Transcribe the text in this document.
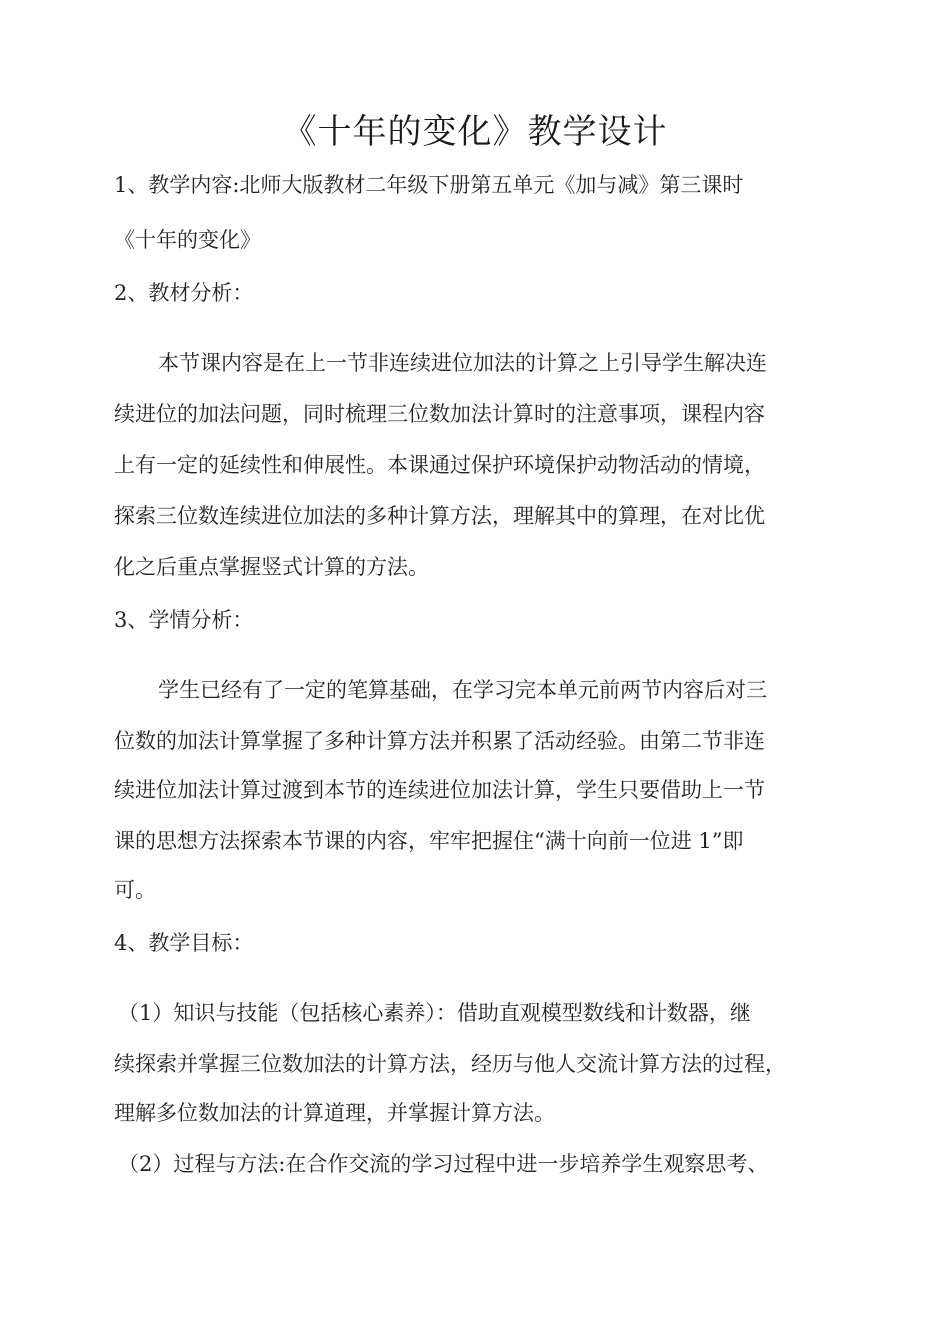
《十年的变化》教学设计
1、教学内容:北师大版教材二年级下册第五单元《加与减》第三课时
《十年的变化》
2、教材分析：
本节课内容是在上一节非连续进位加法的计算之上引导学生解决连
续进位的加法问题，同时梳理三位数加法计算时的注意事项，课程内容
上有一定的延续性和伸展性。本课通过保护环境保护动物活动的情境，
探索三位数连续进位加法的多种计算方法，理解其中的算理，在对比优
化之后重点掌握竖式计算的方法。
3、学情分析：
学生已经有了一定的笔算基础，在学习完本单元前两节内容后对三
位数的加法计算掌握了多种计算方法并积累了活动经验。由第二节非连
续进位加法计算过渡到本节的连续进位加法计算，学生只要借助上一节
课的思想方法探索本节课的内容，牢牢把握住“满十向前一位进 1”即
可。
4、教学目标：
（1）知识与技能（包括核心素养）：借助直观模型数线和计数器，继
续探索并掌握三位数加法的计算方法，经历与他人交流计算方法的过程，
理解多位数加法的计算道理，并掌握计算方法。
（2）过程与方法:在合作交流的学习过程中进一步培养学生观察思考、
